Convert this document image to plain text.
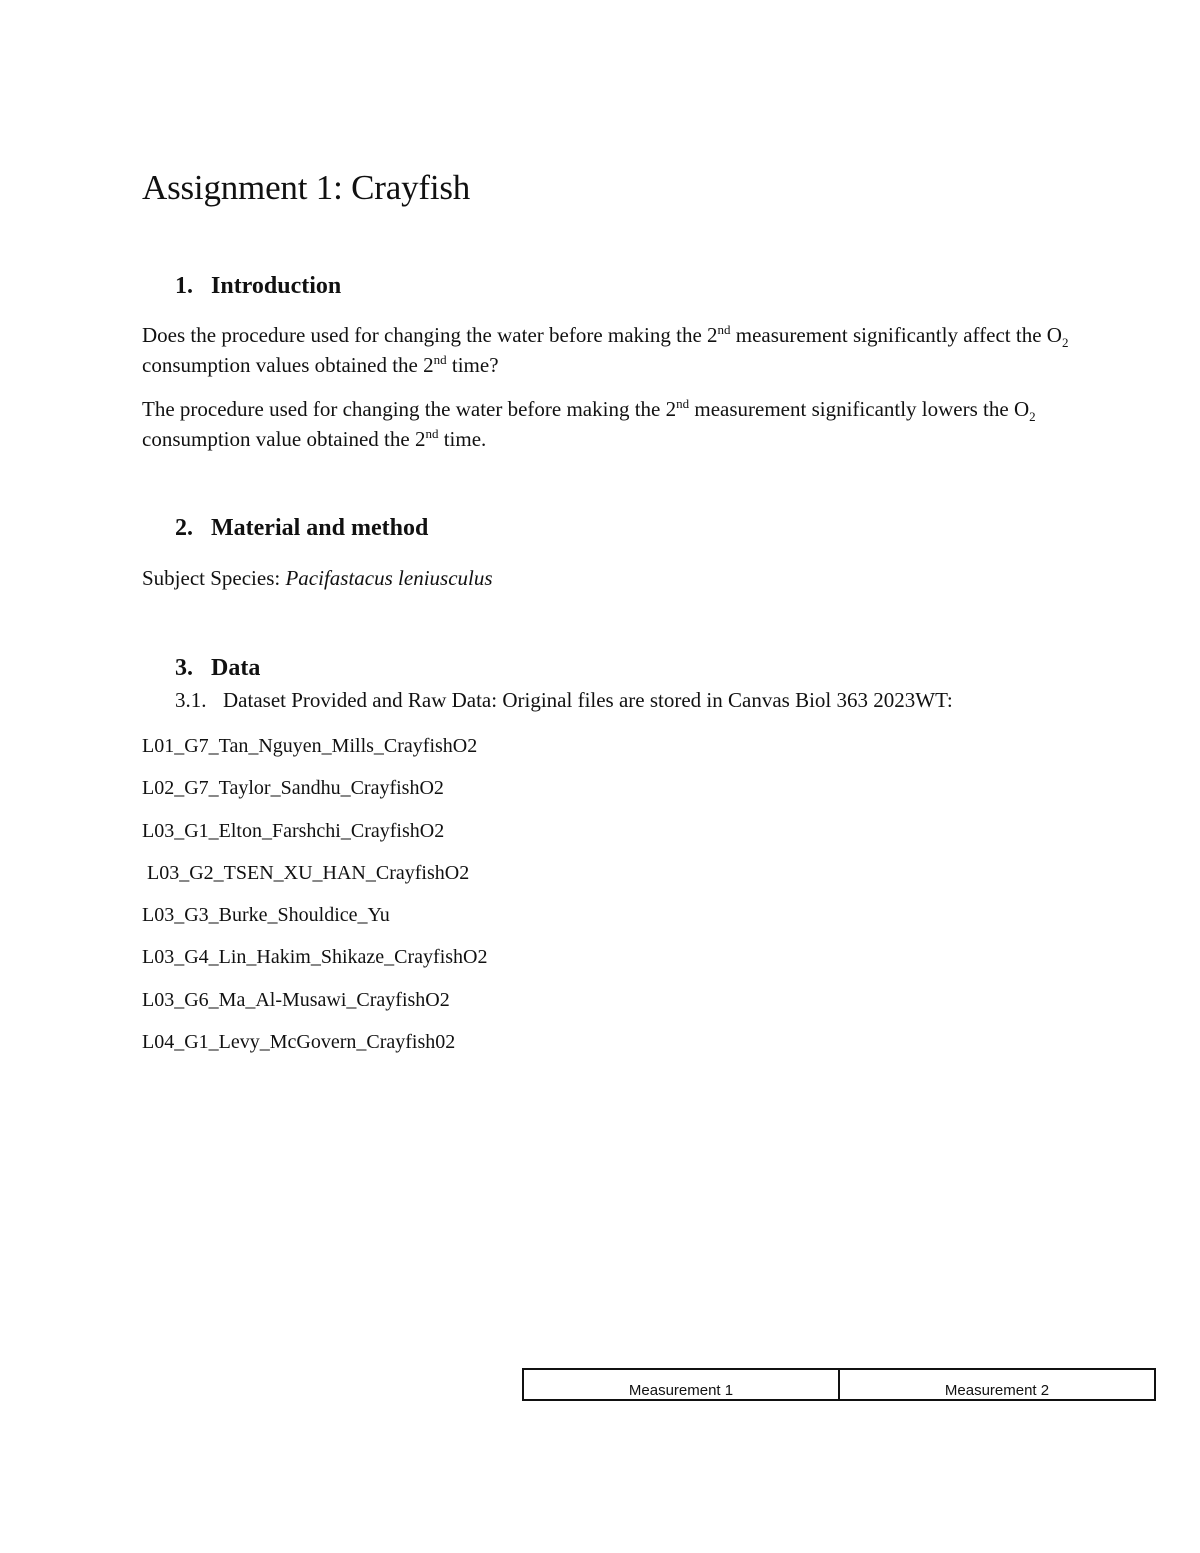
Assignment 1: Crayfish
1. Introduction

Does the procedure used for changing the water before making the 2nd measurement significantly affect the $O_2$ consumption values obtained the 2nd time?

The procedure used for changing the water before making the 2nd measurement significantly lowers the $O_2$ consumption value obtained the 2nd time.

2. Material and method

Subject Species: Pacifastacus leniusculus

3. Data

3.1. Dataset Provided and Raw Data: Original files are stored in Canvas Biol 363 2023WT:

L01_G7_Tan_Nguyen_Mills_CrayfishO2
L02_G7_Taylor_Sandhu_CrayfishO2
L03_G1_Elton_Farshchi_CrayfishO2
L03_G2_TSEN_XU_HAN_CrayfishO2
L03_G3_Burke_Shouldice_Yu
L03_G4_Lin_Hakim_Shikaze_CrayfishO2
L03_G6_Ma_Al-Musawi_CrayfishO2
L04_G1_Levy_McGovern_Crayfish02
Measurement 1	Measurement 2
